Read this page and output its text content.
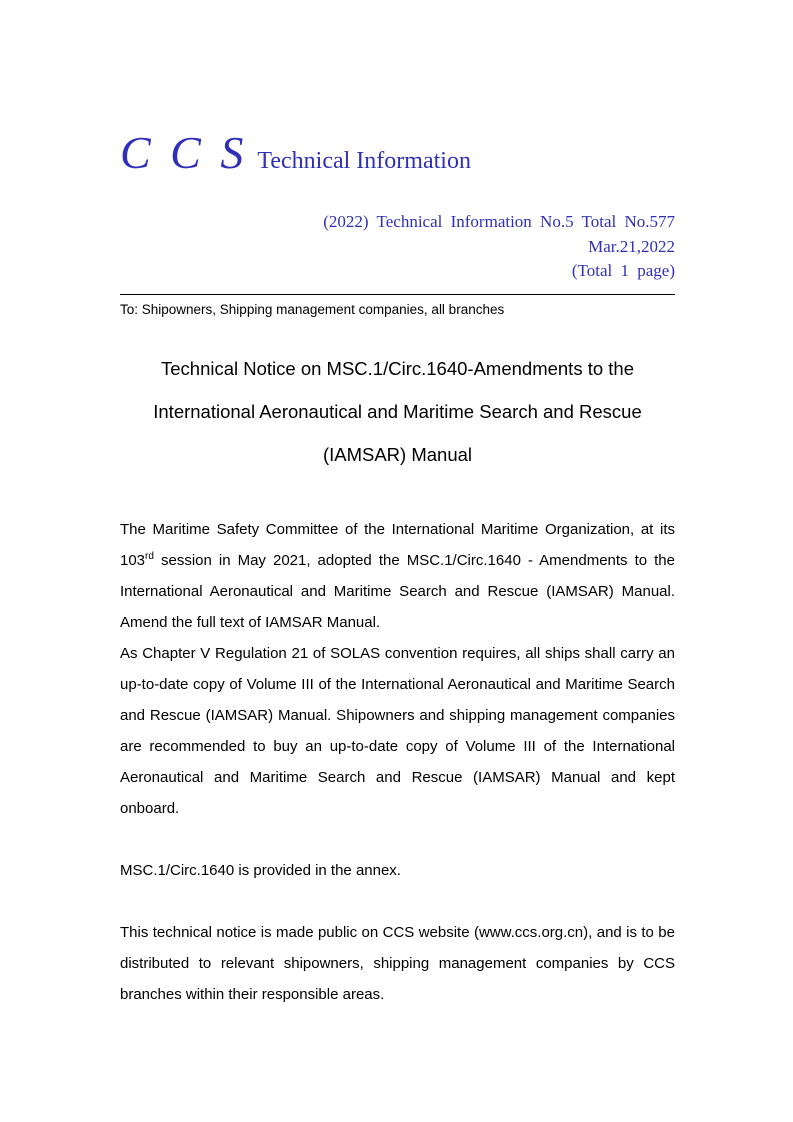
C C S Technical Information
(2022) Technical Information No.5 Total No.577
Mar.21,2022
(Total 1 page)
To: Shipowners, Shipping management companies, all branches
Technical Notice on MSC.1/Circ.1640-Amendments to the
International Aeronautical and Maritime Search and Rescue
(IAMSAR) Manual

The Maritime Safety Committee of the International Maritime Organization, at its 103rd session in May 2021, adopted the MSC.1/Circ.1640 - Amendments to the International Aeronautical and Maritime Search and Rescue (IAMSAR) Manual. Amend the full text of IAMSAR Manual.

As Chapter V Regulation 21 of SOLAS convention requires, all ships shall carry an up-to-date copy of Volume III of the International Aeronautical and Maritime Search and Rescue (IAMSAR) Manual. Shipowners and shipping management companies are recommended to buy an up-to-date copy of Volume III of the International Aeronautical and Maritime Search and Rescue (IAMSAR) Manual and kept onboard.

MSC.1/Circ.1640 is provided in the annex.

This technical notice is made public on CCS website (www.ccs.org.cn), and is to be distributed to relevant shipowners, shipping management companies by CCS branches within their responsible areas.
